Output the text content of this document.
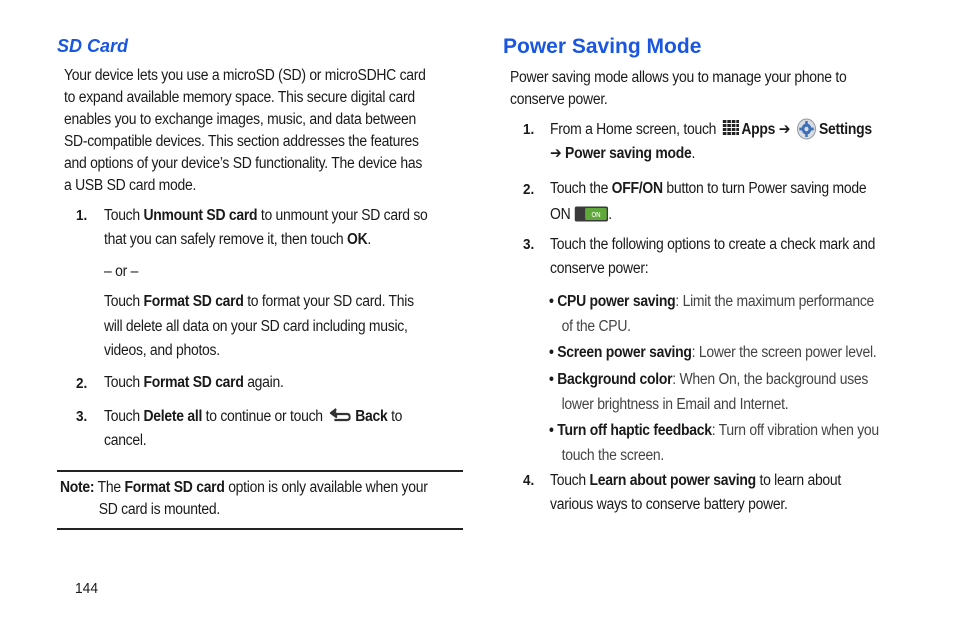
SD Card
Your device lets you use a microSD (SD) or microSDHC card
to expand available memory space. This secure digital card
enables you to exchange images, music, and data between
SD-compatible devices. This section addresses the features
and options of your device’s SD functionality. The device has
a USB SD card mode.
1. Touch Unmount SD card to unmount your SD card so
that you can safely remove it, then touch OK.
– or –
Touch Format SD card to format your SD card. This
will delete all data on your SD card including music,
videos, and photos.
2. Touch Format SD card again.
3. Touch Delete all to continue or touch Back to
cancel.
Note: The Format SD card option is only available when your
SD card is mounted.
144
Power Saving Mode
Power saving mode allows you to manage your phone to
conserve power.
1. From a Home screen, touch Apps ➔ Settings
➔ Power saving mode.
2. Touch the OFF/ON button to turn Power saving mode
ON	ON .
3. Touch the following options to create a check mark and
conserve power:
• CPU power saving: Limit the maximum performance
of the CPU.
• Screen power saving: Lower the screen power level.
• Background color: When On, the background uses
lower brightness in Email and Internet.
• Turn off haptic feedback: Turn off vibration when you
touch the screen.
4. Touch Learn about power saving to learn about
various ways to conserve battery power.
